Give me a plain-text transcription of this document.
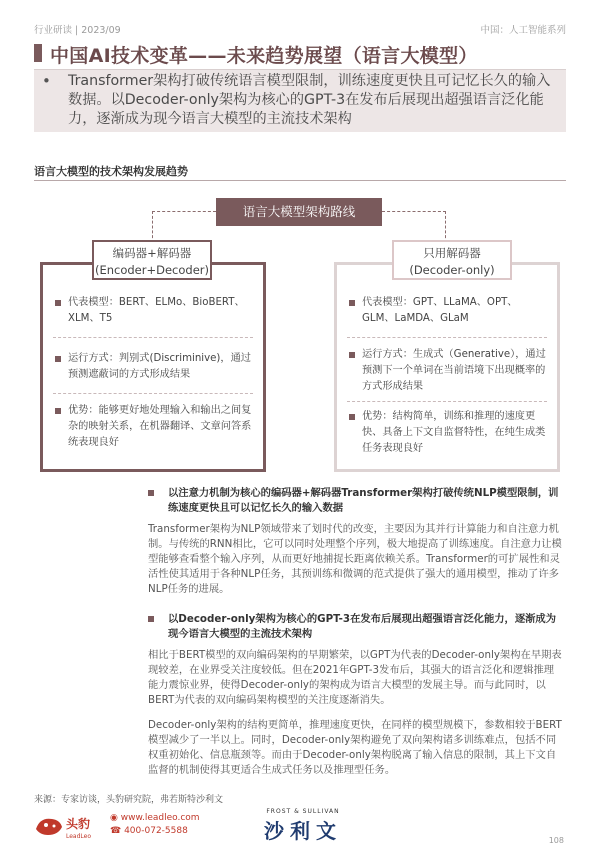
行业研读 | 2023/09	中国：人工智能系列
中国AI技术变革——未来趋势展望（语言大模型）
• Transformer架构打破传统语言模型限制，训练速度更快且可记忆长久的输入数据。以Decoder-only架构为核心的GPT-3在发布后展现出超强语言泛化能力，逐渐成为现今语言大模型的主流技术架构
语言大模型的技术架构发展趋势
语言大模型架构路线
代表模型：BERT、ELMo、BioBERT、XLM、T5
运行方式：判别式(Discriminive)，通过预测遮蔽词的方式形成结果
优势：能够更好地处理输入和输出之间复杂的映射关系，在机器翻译、文章问答系统表现良好
代表模型：GPT、LLaMA、OPT、GLM、LaMDA、GLaM
运行方式：生成式（Generative），通过预测下一个单词在当前语境下出现概率的方式形成结果
优势：结构简单，训练和推理的速度更快、具备上下文自监督特性，在纯生成类任务表现良好
编码器+解码器
(Encoder+Decoder)
只用解码器
(Decoder-only)
以注意力机制为核心的编码器+解码器Transformer架构打破传统NLP模型限制，训练速度更快且可以记忆长久的输入数据
Transformer架构为NLP领域带来了划时代的改变，主要因为其并行计算能力和自注意力机制。与传统的RNN相比，它可以同时处理整个序列，极大地提高了训练速度。自注意力让模型能够查看整个输入序列，从而更好地捕捉长距离依赖关系。Transformer的可扩展性和灵活性使其适用于各种NLP任务，其预训练和微调的范式提供了强大的通用模型，推动了许多NLP任务的进展。
以Decoder-only架构为核心的GPT-3在发布后展现出超强语言泛化能力，逐渐成为现今语言大模型的主流技术架构
相比于BERT模型的双向编码架构的早期繁荣，以GPT为代表的Decoder-only架构在早期表现较差，在业界受关注度较低。但在2021年GPT-3发布后，其强大的语言泛化和逻辑推理能力震惊业界，使得Decoder-only的架构成为语言大模型的发展主导。而与此同时，以BERT为代表的双向编码架构模型的关注度逐渐消失。
Decoder-only架构的结构更简单，推理速度更快，在同样的模型规模下，参数相较于BERT模型减少了一半以上。同时，Decoder-only架构避免了双向架构诸多训练难点，包括不同权重初始化、信息瓶颈等。而由于Decoder-only架构脱离了输入信息的限制，其上下文自监督的机制使得其更适合生成式任务以及推理型任务。
来源：专家访谈，头豹研究院，弗若斯特沙利文
头豹
LeadLeo
◉ www.leadleo.com
☎ 400-072-5588
FROST & SULLIVAN
沙利文	108
